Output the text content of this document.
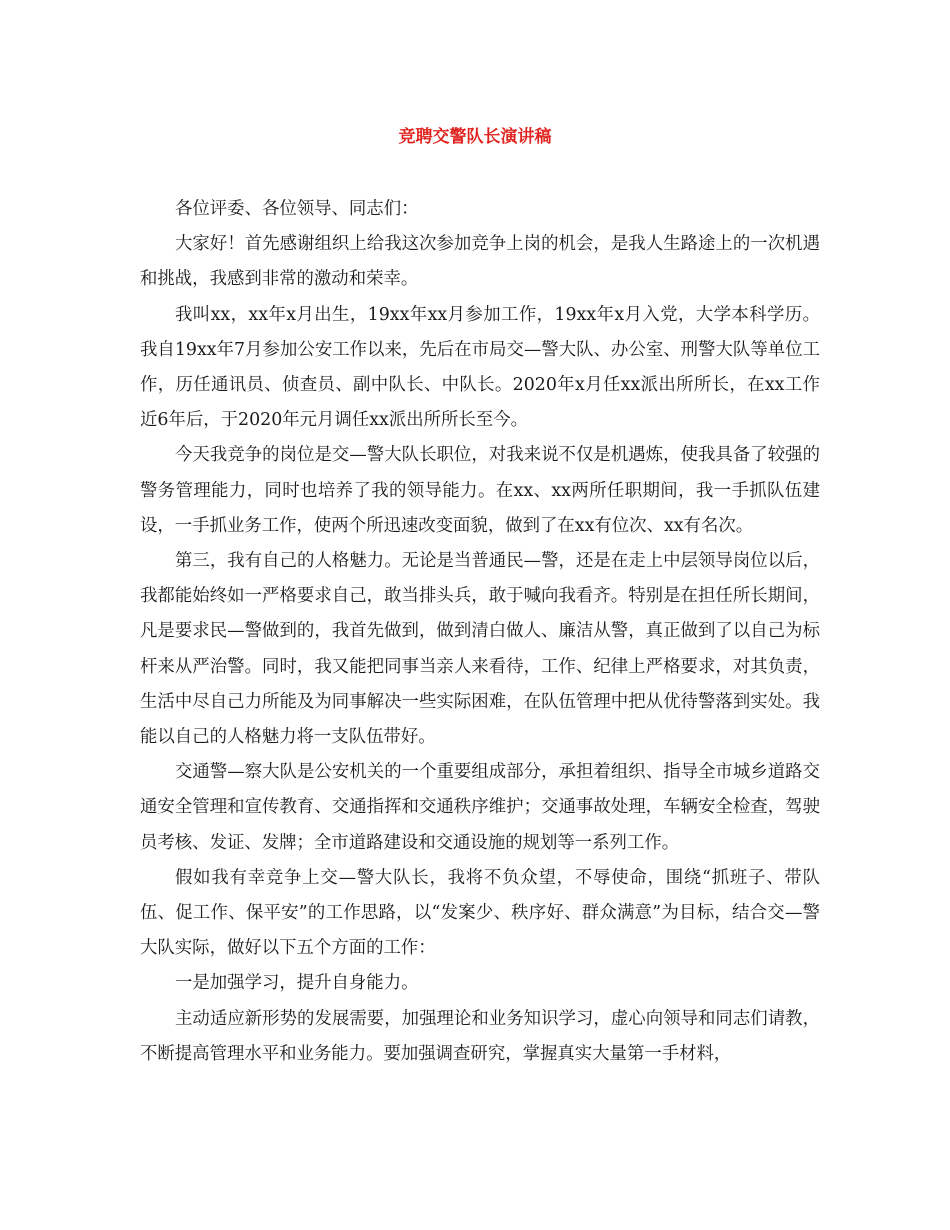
竞聘交警队长演讲稿

各位评委、各位领导、同志们：

大家好！首先感谢组织上给我这次参加竞争上岗的机会，是我人生路途上的一次机遇和挑战，我感到非常的激动和荣幸。

我叫xx，xx年x月出生，19xx年xx月参加工作，19xx年x月入党，大学本科学历。我自19xx年7月参加公安工作以来，先后在市局交—警大队、办公室、刑警大队等单位工作，历任通讯员、侦查员、副中队长、中队长。2020年x月任xx派出所所长，在xx工作近6年后，于2020年元月调任xx派出所所长至今。

今天我竞争的岗位是交—警大队长职位，对我来说不仅是机遇炼，使我具备了较强的警务管理能力，同时也培养了我的领导能力。在xx、xx两所任职期间，我一手抓队伍建设，一手抓业务工作，使两个所迅速改变面貌，做到了在xx有位次、xx有名次。

第三，我有自己的人格魅力。无论是当普通民—警，还是在走上中层领导岗位以后，我都能始终如一严格要求自己，敢当排头兵，敢于喊向我看齐。特别是在担任所长期间，凡是要求民—警做到的，我首先做到，做到清白做人、廉洁从警，真正做到了以自己为标杆来从严治警。同时，我又能把同事当亲人来看待，工作、纪律上严格要求，对其负责，生活中尽自己力所能及为同事解决一些实际困难，在队伍管理中把从优待警落到实处。我能以自己的人格魅力将一支队伍带好。

交通警—察大队是公安机关的一个重要组成部分，承担着组织、指导全市城乡道路交通安全管理和宣传教育、交通指挥和交通秩序维护；交通事故处理，车辆安全检查，驾驶员考核、发证、发牌；全市道路建设和交通设施的规划等一系列工作。

假如我有幸竞争上交—警大队长，我将不负众望，不辱使命，围绕“抓班子、带队伍、促工作、保平安”的工作思路，以“发案少、秩序好、群众满意”为目标，结合交—警大队实际，做好以下五个方面的工作：

一是加强学习，提升自身能力。

主动适应新形势的发展需要，加强理论和业务知识学习，虚心向领导和同志们请教，不断提高管理水平和业务能力。要加强调查研究，掌握真实大量第一手材料，
